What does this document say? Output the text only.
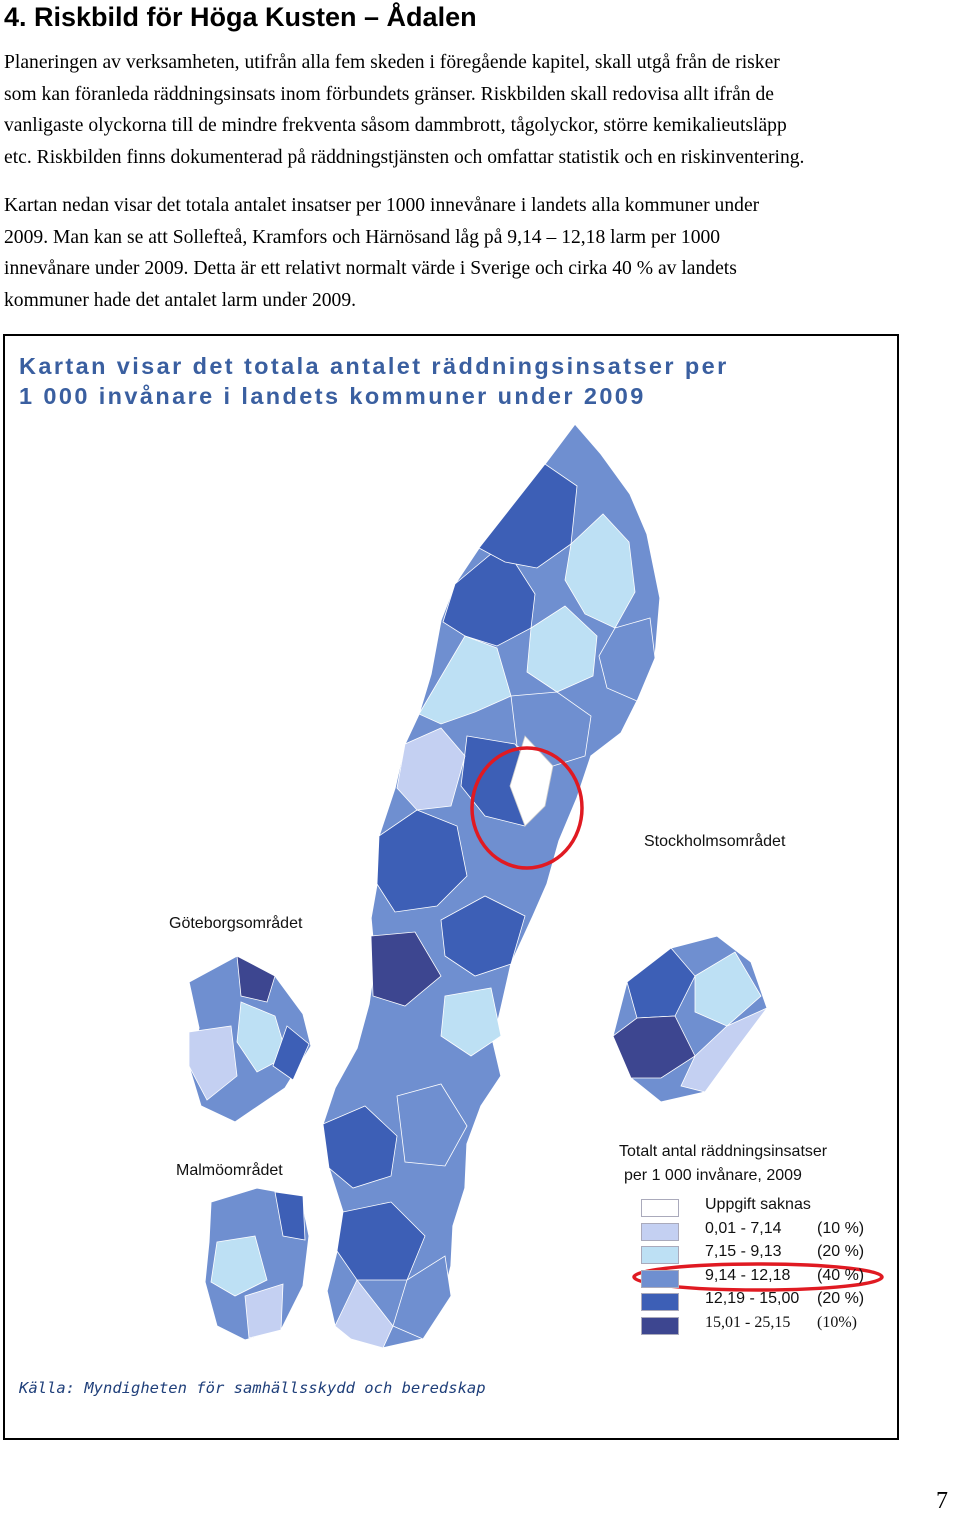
4. Riskbild för Höga Kusten – Ådalen

Planeringen av verksamheten, utifrån alla fem skeden i föregående kapitel, skall utgå från de risker
som kan föranleda räddningsinsats inom förbundets gränser. Riskbilden skall redovisa allt ifrån de
vanligaste olyckorna till de mindre frekventa såsom dammbrott, tågolyckor, större kemikalieutsläpp
etc. Riskbilden finns dokumenterad på räddningstjänsten och omfattar statistik och en riskinventering.

Kartan nedan visar det totala antalet insatser per 1000 innevånare i landets alla kommuner under
2009. Man kan se att Sollefteå, Kramfors och Härnösand låg på 9,14 – 12,18 larm per 1000
innevånare under 2009. Detta är ett relativt normalt värde i Sverige och cirka 40 % av landets
kommuner hade det antalet larm under 2009.

Kartan visar det totala antalet räddningsinsatser per
1 000 invånare i landets kommuner under 2009
Stockholmsområdet
Göteborgsområdet
Malmöområdet
Totalt antal räddningsinsatser
per 1 000 invånare, 2009
Uppgift saknas
0,01 - 7,14 (10 %)
7,15 - 9,13 (20 %)
9,14 - 12,18 (40 %)
12,19 - 15,00 (20 %)
15,01 - 25,15 (10%)
Källa: Myndigheten för samhällsskydd och beredskap
7
